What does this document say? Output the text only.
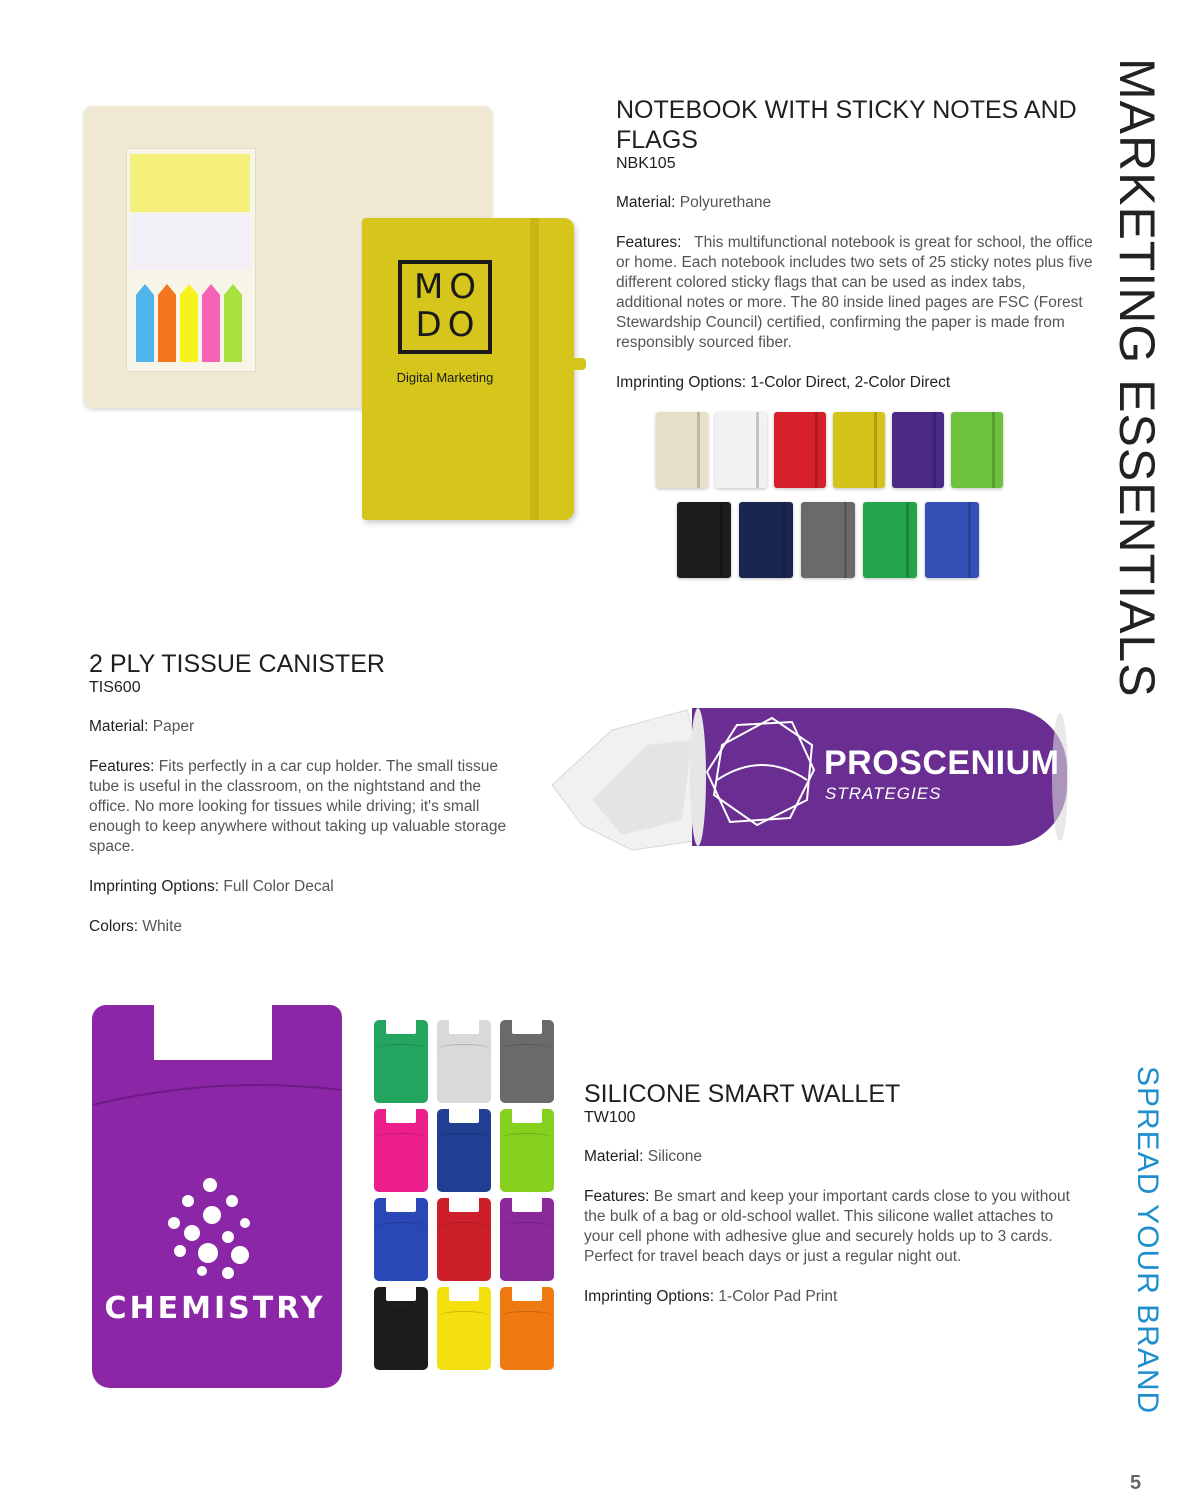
MARKETING ESSENTIALS
SPREAD YOUR BRAND
MO
DO
Digital Marketing
NOTEBOOK WITH STICKY NOTES AND FLAGS
NBK105
Material: Polyurethane
Features: This multifunctional notebook is great for school, the office or home. Each notebook includes two sets of 25 sticky notes plus five different colored sticky flags that can be used as index tabs, additional notes or more. The 80 inside lined pages are FSC (Forest Stewardship Council) certified, confirming the paper is made from responsibly sourced fiber.
Imprinting Options: 1-Color Direct, 2-Color Direct
2 PLY TISSUE CANISTER
TIS600
Material: Paper
Features: Fits perfectly in a car cup holder. The small tissue tube is useful in the classroom, on the nightstand and the office. No more looking for tissues while driving; it's small enough to keep anywhere without taking up valuable storage space.
Imprinting Options: Full Color Decal
Colors: White
PROSCENIUM
STRATEGIES
CHEMISTRY
SILICONE SMART WALLET
TW100
Material: Silicone
Features: Be smart and keep your important cards close to you without the bulk of a bag or old-school wallet. This silicone wallet attaches to your cell phone with adhesive glue and securely holds up to 3 cards. Perfect for travel beach days or just a regular night out.
Imprinting Options: 1-Color Pad Print
5
